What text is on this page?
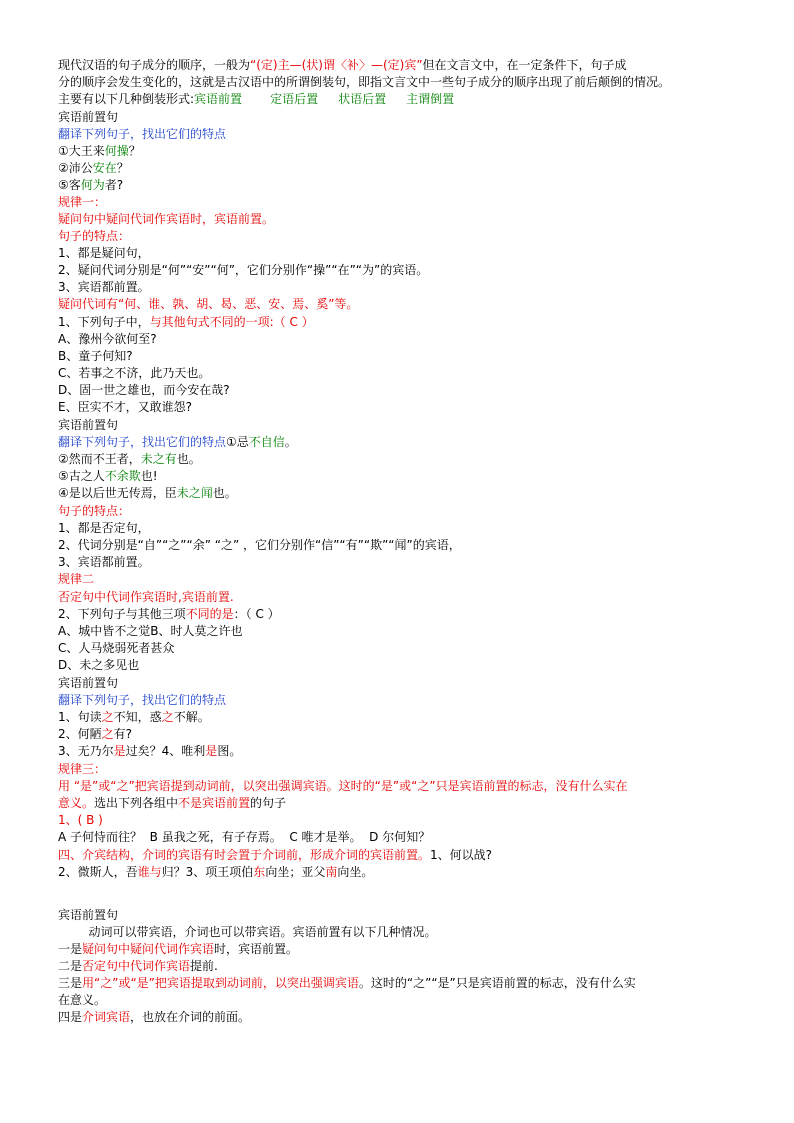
现代汉语的句子成分的顺序，一般为“(定)主—(状)谓〈补〉—(定)宾”但在文言文中，在一定条件下，句子成
分的顺序会发生变化的，这就是古汉语中的所谓倒装句，即指文言文中一些句子成分的顺序出现了前后颠倒的情况。
主要有以下几种倒装形式:宾语前置 定语后置 状语后置 主谓倒置
宾语前置句
翻译下列句子，找出它们的特点
①大王来何操？
②沛公安在？
⑤客何为者?
规律一：
疑问句中疑问代词作宾语时，宾语前置。
句子的特点：
1、都是疑问句，
2、疑问代词分别是“何”“安”“何”，它们分别作“操”“在”“为”的宾语。
3、宾语都前置。
疑问代词有“何、谁、孰、胡、曷、恶、安、焉、奚”等。
1、下列句子中，与其他句式不同的一项:（ C ）
A、豫州今欲何至?
B、童子何知?
C、若事之不济，此乃天也。
D、固一世之雄也，而今安在哉?
E、臣实不才，又敢谁怨?
宾语前置句
翻译下列句子，找出它们的特点①忌不自信。
②然而不王者，未之有也。
⑤古之人不余欺也!
④是以后世无传焉，臣未之闻也。
句子的特点：
1、都是否定句，
2、代词分别是“自”“之”“余” “之” ，它们分别作“信”“有”“欺”“闻”的宾语，
3、宾语都前置。
规律二
否定句中代词作宾语时,宾语前置.
2、下列句子与其他三项不同的是：（ C ）
A、城中皆不之觉B、时人莫之许也
C、人马烧弱死者甚众
D、未之多见也
宾语前置句
翻译下列句子，找出它们的特点
1、句读之不知，惑之不解。
2、何陋之有?
3、无乃尔是过矣？4、唯利是图。
规律三：
用 “是”或“之”把宾语提到动词前，以突出强调宾语。这时的“是”或“之”只是宾语前置的标志，没有什么实在
意义。选出下列各组中不是宾语前置的句子
1、( B )
A 子何恃而往？  B 虽我之死，有子存焉。  C 唯才是举。  D 尔何知？
四、介宾结构，介词的宾语有时会置于介词前，形成介词的宾语前置。1、何以战?
2、微斯人，吾谁与归？3、项王项伯东向坐；亚父南向坐。
宾语前置句
动词可以带宾语，介词也可以带宾语。宾语前置有以下几种情况。
一是疑问句中疑问代词作宾语时，宾语前置。
二是否定句中代词作宾语提前.
三是用“之”或“是”把宾语提取到动词前，以突出强调宾语。这时的“之”“是”只是宾语前置的标志，没有什么实
在意义。
四是介词宾语，也放在介词的前面。
